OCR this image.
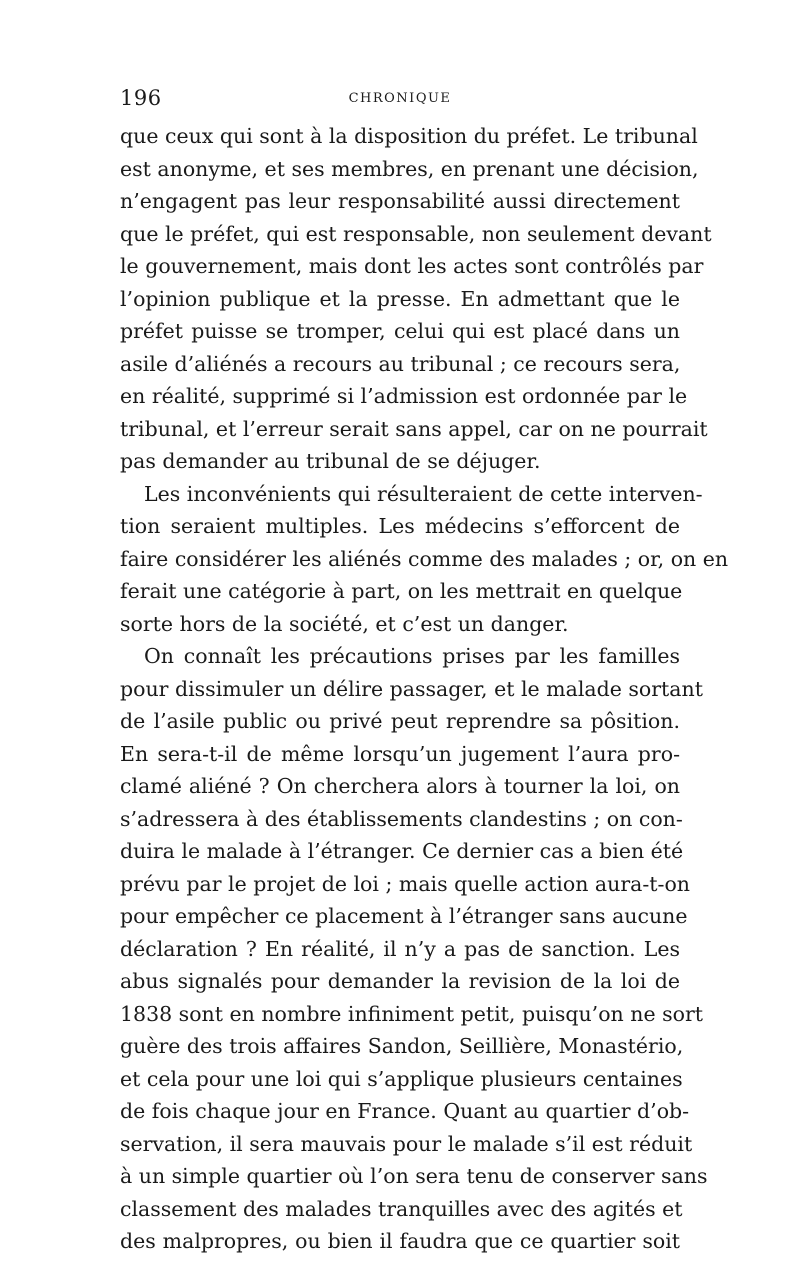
196	CHRONIQUE
que ceux qui sont à la disposition du préfet. Le tribunal
est anonyme, et ses membres, en prenant une décision,
n’engagent pas leur responsabilité aussi directement
que le préfet, qui est responsable, non seulement devant
le gouvernement, mais dont les actes sont contrôlés par
l’opinion publique et la presse. En admettant que le
préfet puisse se tromper, celui qui est placé dans un
asile d’aliénés a recours au tribunal ; ce recours sera,
en réalité, supprimé si l’admission est ordonnée par le
tribunal, et l’erreur serait sans appel, car on ne pourrait
pas demander au tribunal de se déjuger.
Les inconvénients qui résulteraient de cette interven-
tion seraient multiples. Les médecins s’efforcent de
faire considérer les aliénés comme des malades ; or, on en
ferait une catégorie à part, on les mettrait en quelque
sorte hors de la société, et c’est un danger.
On connaît les précautions prises par les familles
pour dissimuler un délire passager, et le malade sortant
de l’asile public ou privé peut reprendre sa pôsition.
En sera-t-il de même lorsqu’un jugement l’aura pro-
clamé aliéné ? On cherchera alors à tourner la loi, on
s’adressera à des établissements clandestins ; on con-
duira le malade à l’étranger. Ce dernier cas a bien été
prévu par le projet de loi ; mais quelle action aura-t-on
pour empêcher ce placement à l’étranger sans aucune
déclaration ? En réalité, il n’y a pas de sanction. Les
abus signalés pour demander la revision de la loi de
1838 sont en nombre infiniment petit, puisqu’on ne sort
guère des trois affaires Sandon, Seillière, Monastério,
et cela pour une loi qui s’applique plusieurs centaines
de fois chaque jour en France. Quant au quartier d’ob-
servation, il sera mauvais pour le malade s’il est réduit
à un simple quartier où l’on sera tenu de conserver sans
classement des malades tranquilles avec des agités et
des malpropres, ou bien il faudra que ce quartier soit
